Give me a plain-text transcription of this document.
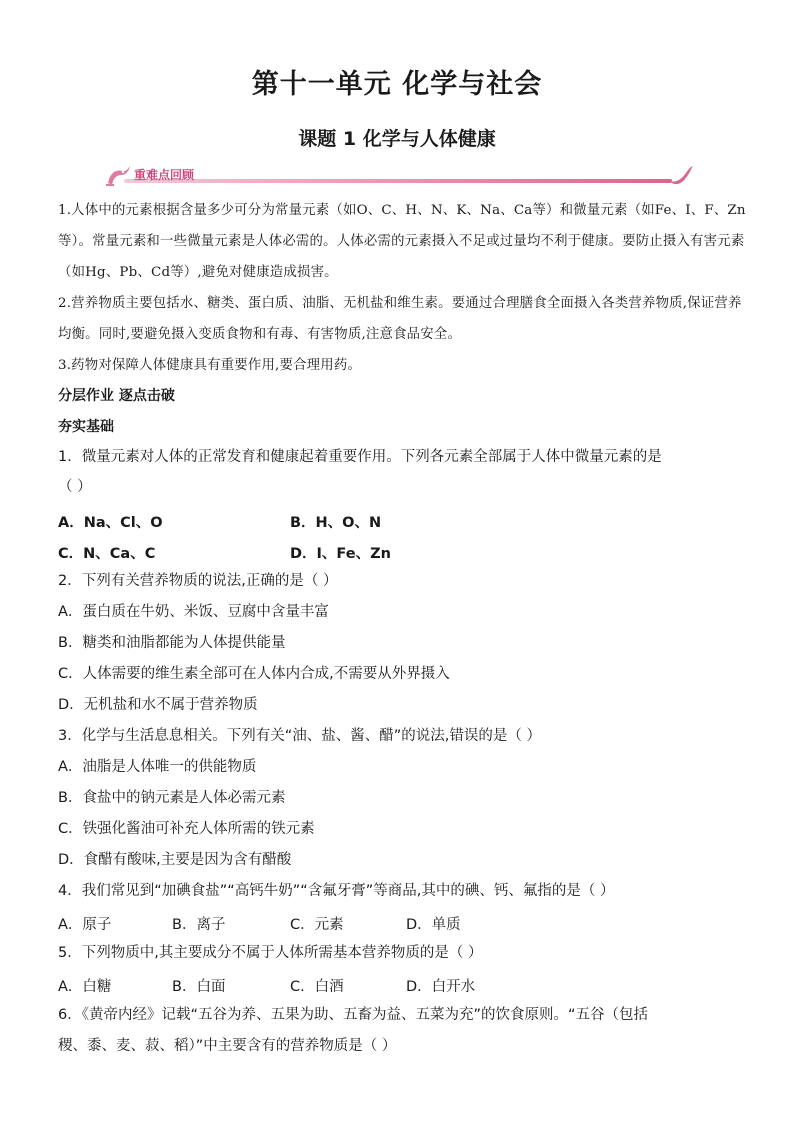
第十一单元 化学与社会
课题 1 化学与人体健康
重难点回顾
1.人体中的元素根据含量多少可分为常量元素（如O、C、H、N、K、Na、Ca等）和微量元素（如Fe、I、F、Zn等）。常量元素和一些微量元素是人体必需的。人体必需的元素摄入不足或过量均不利于健康。要防止摄入有害元素（如Hg、Pb、Cd等）,避免对健康造成损害。
2.营养物质主要包括水、糖类、蛋白质、油脂、无机盐和维生素。要通过合理膳食全面摄入各类营养物质,保证营养均衡。同时,要避免摄入变质食物和有毒、有害物质,注意食品安全。
3.药物对保障人体健康具有重要作用,要合理用药。
分层作业 逐点击破
夯实基础
1．微量元素对人体的正常发育和健康起着重要作用。下列各元素全部属于人体中微量元素的是
（ ）
A．Na、Cl、O	B．H、O、N
C．N、Ca、C	D．I、Fe、Zn
2．下列有关营养物质的说法,正确的是（ ）
A．蛋白质在牛奶、米饭、豆腐中含量丰富
B．糖类和油脂都能为人体提供能量
C．人体需要的维生素全部可在人体内合成,不需要从外界摄入
D．无机盐和水不属于营养物质
3．化学与生活息息相关。下列有关“油、盐、酱、醋”的说法,错误的是（ ）
A．油脂是人体唯一的供能物质
B．食盐中的钠元素是人体必需元素
C．铁强化酱油可补充人体所需的铁元素
D．食醋有酸味,主要是因为含有醋酸
4．我们常见到“加碘食盐”“高钙牛奶”“含氟牙膏”等商品,其中的碘、钙、氟指的是（ ）
A．原子	B．离子	C．元素	D．单质
5．下列物质中,其主要成分不属于人体所需基本营养物质的是（ ）
A．白糖	B．白面	C．白酒	D．白开水
6．《黄帝内经》记载“五谷为养、五果为助、五畜为益、五菜为充”的饮食原则。“五谷（包括
稷、黍、麦、菽、稻）”中主要含有的营养物质是（ ）
